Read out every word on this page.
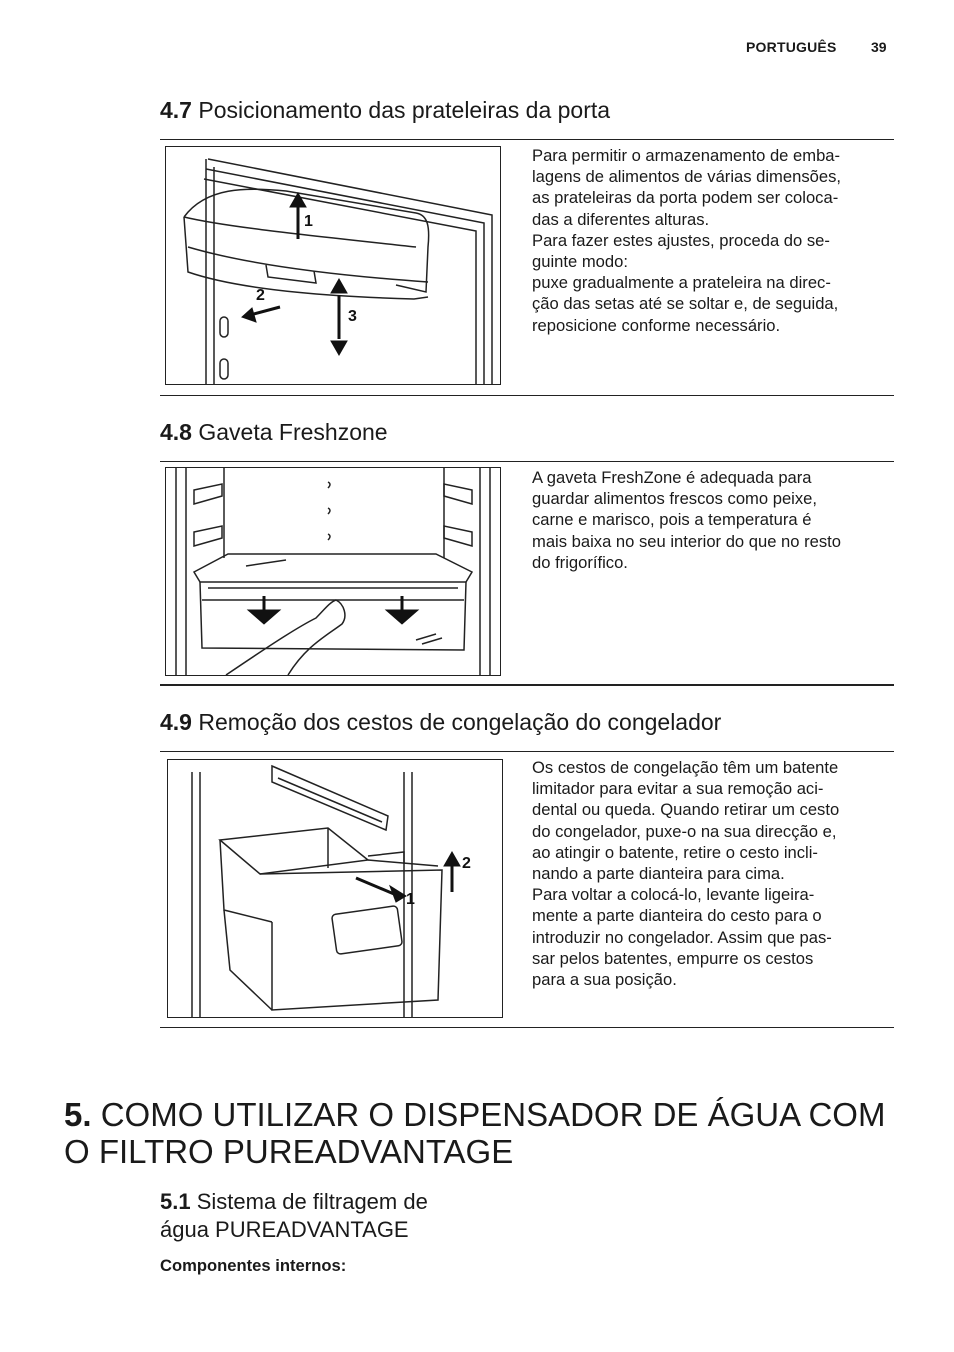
PORTUGUÊS 39
4.7 Posicionamento das prateleiras da porta
1
2
3
Para permitir o armazenamento de emba-
lagens de alimentos de várias dimensões,
as prateleiras da porta podem ser coloca-
das a diferentes alturas.
Para fazer estes ajustes, proceda do se-
guinte modo:
puxe gradualmente a prateleira na direc-
ção das setas até se soltar e, de seguida,
reposicione conforme necessário.
4.8 Gaveta Freshzone
A gaveta FreshZone é adequada para
guardar alimentos frescos como peixe,
carne e marisco, pois a temperatura é
mais baixa no seu interior do que no resto
do frigorífico.
4.9 Remoção dos cestos de congelação do congelador
1
2
Os cestos de congelação têm um batente
limitador para evitar a sua remoção aci-
dental ou queda. Quando retirar um cesto
do congelador, puxe-o na sua direcção e,
ao atingir o batente, retire o cesto incli-
nando a parte dianteira para cima.
Para voltar a colocá-lo, levante ligeira-
mente a parte dianteira do cesto para o
introduzir no congelador. Assim que pas-
sar pelos batentes, empurre os cestos
para a sua posição.
5. COMO UTILIZAR O DISPENSADOR DE ÁGUA COM O FILTRO PUREADVANTAGE
5.1 Sistema de filtragem de água PUREADVANTAGE
Componentes internos:
